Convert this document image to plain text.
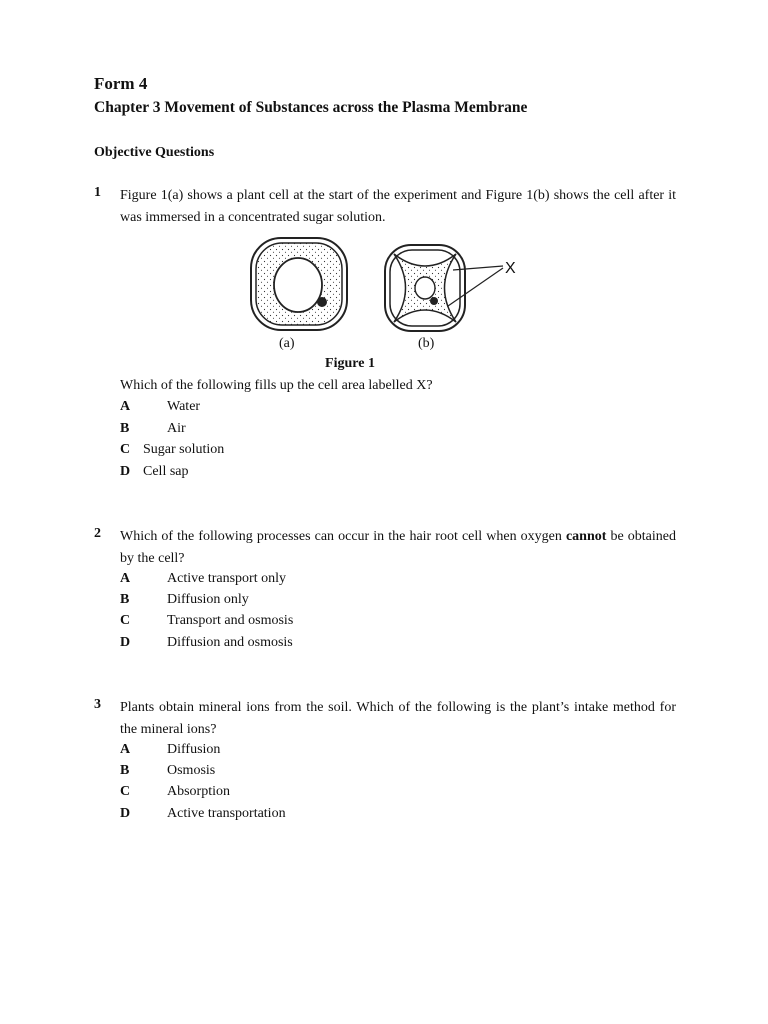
Form 4
Chapter 3 Movement of Substances across the Plasma Membrane
Objective Questions
1 Figure 1(a) shows a plant cell at the start of the experiment and Figure 1(b) shows the cell after it was immersed in a concentrated sugar solution.
X
(a)	(b)
Figure 1
Which of the following fills up the cell area labelled X?
A	Water
B	Air
C Sugar solution
D Cell sap
2 Which of the following processes can occur in the hair root cell when oxygen cannot be obtained by the cell?
A	Active transport only
B	Diffusion only
C	Transport and osmosis
D	Diffusion and osmosis
3 Plants obtain mineral ions from the soil. Which of the following is the plant’s intake method for the mineral ions?
A	Diffusion
B	Osmosis
C	Absorption
D	Active transportation
